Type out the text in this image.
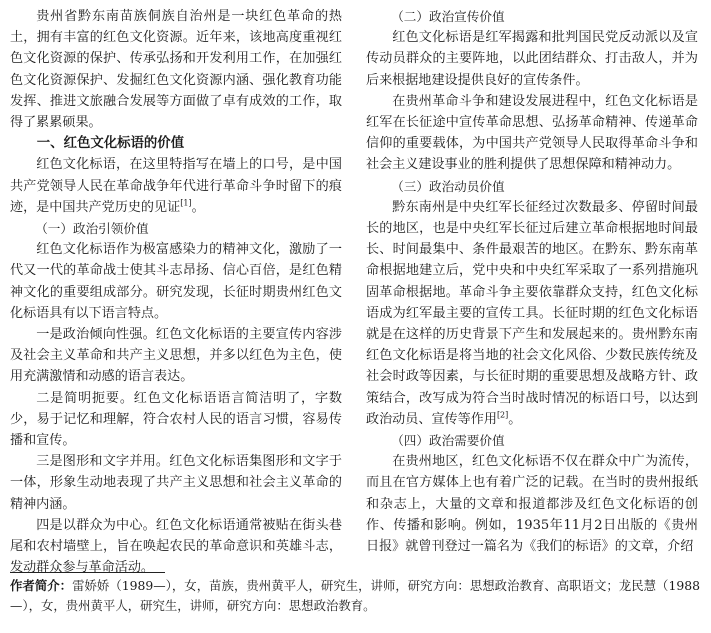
贵州省黔东南苗族侗族自治州是一块红色革命的热土，拥有丰富的红色文化资源。近年来，该地高度重视红色文化资源的保护、传承弘扬和开发利用工作，在加强红色文化资源保护、发掘红色文化资源内涵、强化教育功能发挥、推进文旅融合发展等方面做了卓有成效的工作，取得了累累硕果。

一、红色文化标语的价值

红色文化标语，在这里特指写在墙上的口号，是中国共产党领导人民在革命战争年代进行革命斗争时留下的痕迹，是中国共产党历史的见证[1]。

（一）政治引领价值

红色文化标语作为极富感染力的精神文化，激励了一代又一代的革命战士使其斗志昂扬、信心百倍，是红色精神文化的重要组成部分。研究发现，长征时期贵州红色文化标语具有以下语言特点。

一是政治倾向性强。红色文化标语的主要宣传内容涉及社会主义革命和共产主义思想，并多以红色为主色，使用充满激情和动感的语言表达。

二是简明扼要。红色文化标语语言简洁明了，字数少，易于记忆和理解，符合农村人民的语言习惯，容易传播和宣传。

三是图形和文字并用。红色文化标语集图形和文字于一体，形象生动地表现了共产主义思想和社会主义革命的精神内涵。

四是以群众为中心。红色文化标语通常被贴在街头巷尾和农村墙壁上，旨在唤起农民的革命意识和英雄斗志，发动群众参与革命活动。

（二）政治宣传价值

红色文化标语是红军揭露和批判国民党反动派以及宣传动员群众的主要阵地，以此团结群众、打击敌人，并为后来根据地建设提供良好的宣传条件。

在贵州革命斗争和建设发展进程中，红色文化标语是红军在长征途中宣传革命思想、弘扬革命精神、传递革命信仰的重要载体，为中国共产党领导人民取得革命斗争和社会主义建设事业的胜利提供了思想保障和精神动力。

（三）政治动员价值

黔东南州是中央红军长征经过次数最多、停留时间最长的地区，也是中央红军长征过后建立革命根据地时间最长、时间最集中、条件最艰苦的地区。在黔东、黔东南革命根据地建立后，党中央和中央红军采取了一系列措施巩固革命根据地。革命斗争主要依靠群众支持，红色文化标语成为红军最主要的宣传工具。长征时期的红色文化标语就是在这样的历史背景下产生和发展起来的。贵州黔东南红色文化标语是将当地的社会文化风俗、少数民族传统及社会时政等因素，与长征时期的重要思想及战略方针、政策结合，改写成为符合当时战时情况的标语口号，以达到政治动员、宣传等作用[2]。

（四）政治需要价值

在贵州地区，红色文化标语不仅在群众中广为流传，而且在官方媒体上也有着广泛的记载。在当时的贵州报纸和杂志上，大量的文章和报道都涉及红色文化标语的创作、传播和影响。例如，1935年11月2日出版的《贵州日报》就曾刊登过一篇名为《我们的标语》的文章，介绍

作者简介：雷娇娇（1989—），女，苗族，贵州黄平人，研究生，讲师，研究方向：思想政治教育、高职语文；龙民慧（1988—），女，贵州黄平人，研究生，讲师，研究方向：思想政治教育。
